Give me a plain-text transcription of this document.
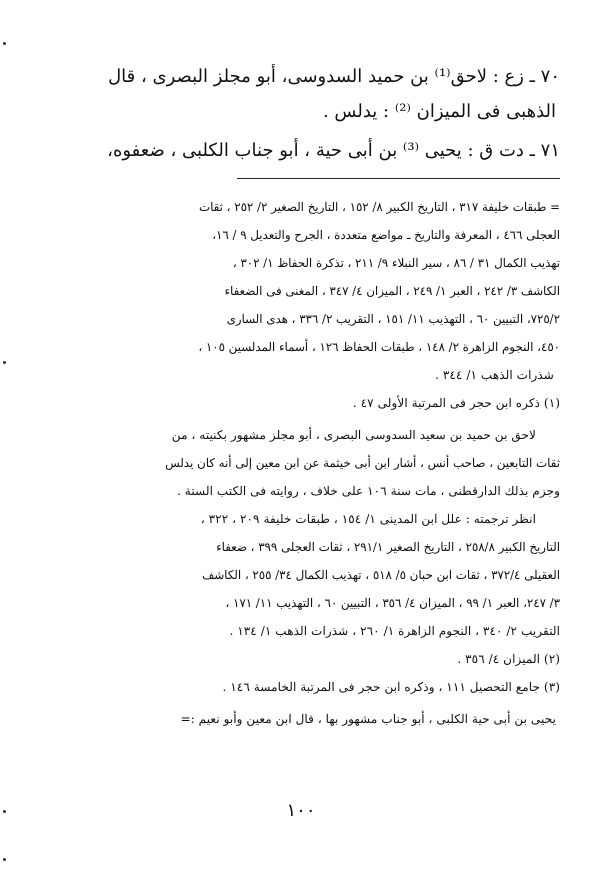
٧٠ ـ زع : لاحق⁽¹⁾ بن حميد السدوسى، أبو مجلز البصرى ، قال
الذهبى فى الميزان ⁽²⁾ : يدلس .
٧١ ـ دت ق : يحيى ⁽³⁾ بن أبى حية ، أبو جناب الكلبى ، ضعفوه،
= طبقات خليفة ٣١٧ ، التاريخ الكبير ٨/ ١٥٢ ، التاريخ الصغير ٢/ ٢٥٢ ، ثقات
العجلى ٤٦٦ ، المعرفة والتاريخ ـ مواضع متعددة ، الجرح والتعديل ٩ / ١٦،
تهذيب الكمال ٣١ / ٨٦ ، سير النبلاء ٩/ ٢١١ ، تذكرة الحفاظ ١/ ٣٠٢ ،
الكاشف ٣/ ٢٤٢ ، العبر ١/ ٢٤٩ ، الميزان ٤/ ٣٤٧ ، المغنى فى الضعفاء
٧٢٥/٢، التبيين ٦٠ ، التهذيب ١١/ ١٥١ ، التقريب ٢/ ٣٣٦ ، هدى السارى
٤٥٠، النجوم الزاهرة ٢/ ١٤٨ ، طبقات الحفاظ ١٢٦ ، أسماء المدلسين ١٠٥ ،
شذرات الذهب ١/ ٣٤٤ .
(١) ذكره ابن حجر فى المرتبة الأولى ٤٧ .
لاحق بن حميد بن سعيد السدوسى البصرى ، أبو مجلز مشهور بكنيته ، من
ثقات التابعين ، صاحب أنس ، أشار ابن أبى خيثمة عن ابن معين إلى أنه كان يدلس
وجزم بذلك الدارقطنى ، مات سنة ١٠٦ على خلاف ، روايته فى الكتب الستة .
انظر ترجمته : علل ابن المدينى ١/ ١٥٤ ، طبقات خليفة ٢٠٩ ، ٣٢٢ ،
التاريخ الكبير ٢٥٨/٨ ، التاريخ الصغير ٢٩١/١ ، ثقات العجلى ٣٩٩ ، ضعفاء
العقيلى ٣٧٢/٤ ، ثقات ابن حبان ٥/ ٥١٨ ، تهذيب الكمال ٣٤/ ٢٥٥ ، الكاشف
٣/ ٢٤٧، العبر ١/ ٩٩ ، الميزان ٤/ ٣٥٦ ، التبيين ٦٠ ، التهذيب ١١/ ١٧١ ،
التقريب ٢/ ٣٤٠ ، النجوم الزاهرة ١/ ٢٦٠ ، شذرات الذهب ١/ ١٣٤ .
(٢) الميزان ٤/ ٣٥٦ .
(٣) جامع التحصيل ١١١ ، وذكره ابن حجر فى المرتبة الخامسة ١٤٦ .
يحيى بن أبى حية الكلبى ، أبو جناب مشهور بها ، قال ابن معين وأبو نعيم :=
١٠٠
